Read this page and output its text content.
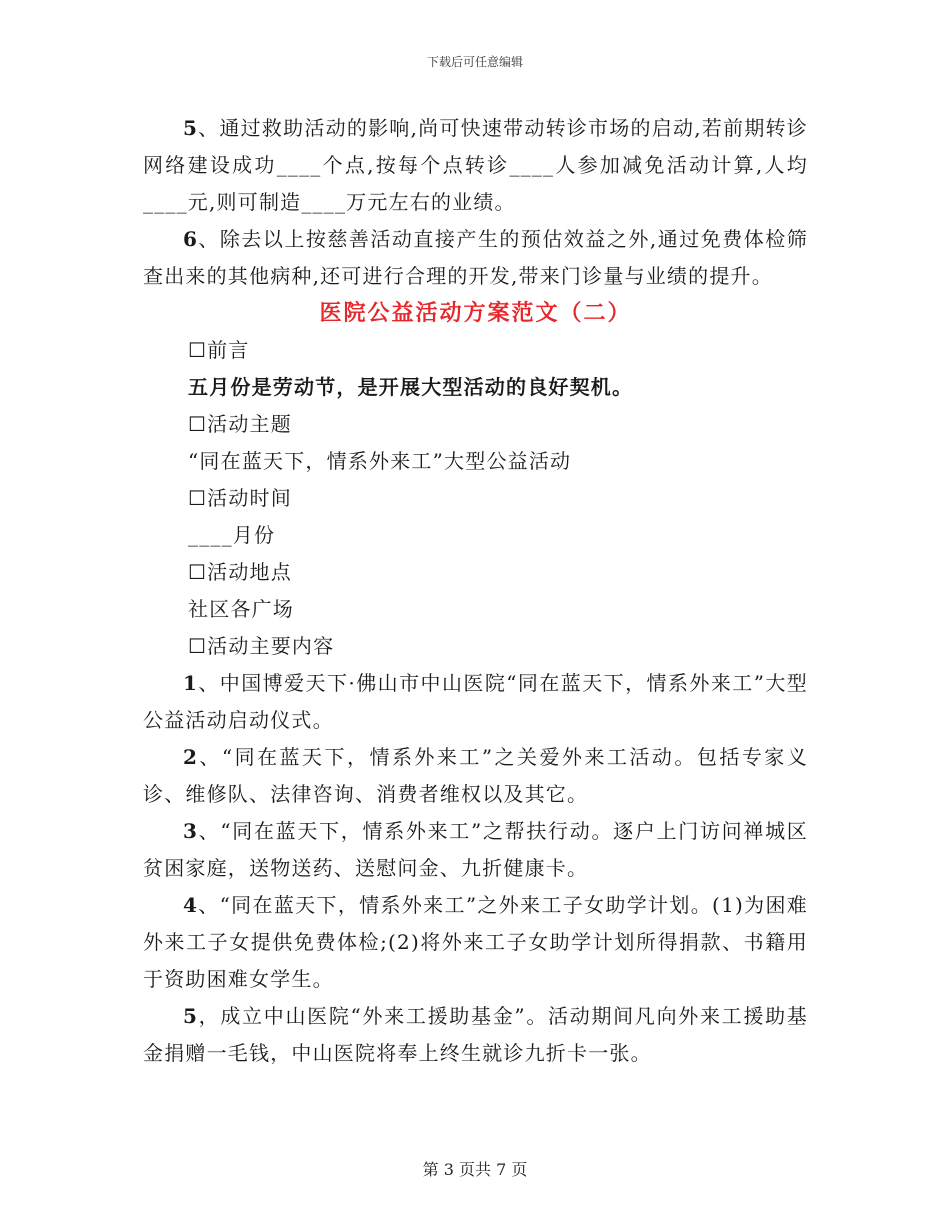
下载后可任意编辑

5、通过救助活动的影响,尚可快速带动转诊市场的启动,若前期转诊网络建设成功____个点,按每个点转诊____人参加减免活动计算,人均____元,则可制造____万元左右的业绩。

6、除去以上按慈善活动直接产生的预估效益之外,通过免费体检筛查出来的其他病种,还可进行合理的开发,带来门诊量与业绩的提升。

医院公益活动方案范文（二）

☐前言

五月份是劳动节，是开展大型活动的良好契机。

☐活动主题

“同在蓝天下，情系外来工”大型公益活动

☐活动时间

____月份

☐活动地点

社区各广场

☐活动主要内容

1、中国博爱天下·佛山市中山医院“同在蓝天下，情系外来工”大型公益活动启动仪式。

2、“同在蓝天下，情系外来工”之关爱外来工活动。包括专家义诊、维修队、法律咨询、消费者维权以及其它。

3、“同在蓝天下，情系外来工”之帮扶行动。逐户上门访问禅城区贫困家庭，送物送药、送慰问金、九折健康卡。

4、“同在蓝天下，情系外来工”之外来工子女助学计划。(1)为困难外来工子女提供免费体检;(2)将外来工子女助学计划所得捐款、书籍用于资助困难女学生。

5，成立中山医院“外来工援助基金”。活动期间凡向外来工援助基金捐赠一毛钱，中山医院将奉上终生就诊九折卡一张。

第 3 页共 7 页
